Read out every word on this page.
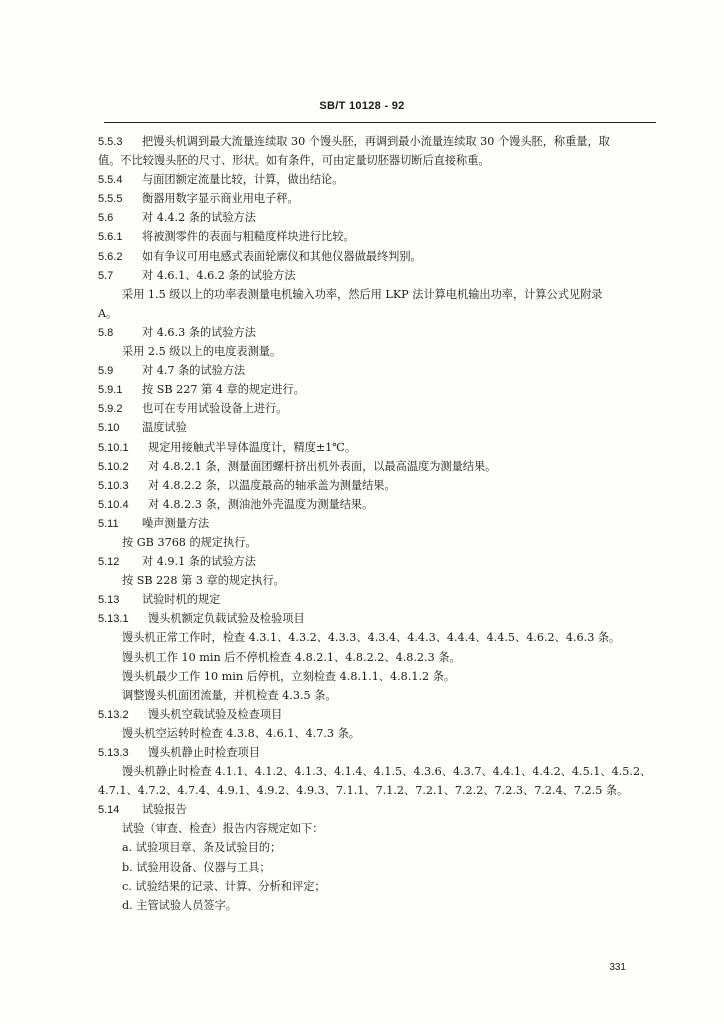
SB/T 10128 - 92
5.5.3 把馒头机调到最大流量连续取 30 个馒头胚，再调到最小流量连续取 30 个馒头胚，称重量，取
值。不比较馒头胚的尺寸、形状。如有条件，可由定量切胚器切断后直接称重。
5.5.4 与面团额定流量比较，计算，做出结论。
5.5.5 衡器用数字显示商业用电子秤。
5.6	对 4.4.2 条的试验方法
5.6.1 将被测零件的表面与粗糙度样块进行比较。
5.6.2 如有争议可用电感式表面轮廓仪和其他仪器做最终判别。
5.7	对 4.6.1、4.6.2 条的试验方法
采用 1.5 级以上的功率表测量电机输入功率，然后用 LKP 法计算电机输出功率，计算公式见附录
A。
5.8	对 4.6.3 条的试验方法
采用 2.5 级以上的电度表测量。
5.9	对 4.7 条的试验方法
5.9.1 按 SB 227 第 4 章的规定进行。
5.9.2 也可在专用试验设备上进行。
5.10 温度试验
5.10.1 规定用接触式半导体温度计，精度±1℃。
5.10.2 对 4.8.2.1 条，测量面团螺杆挤出机外表面，以最高温度为测量结果。
5.10.3 对 4.8.2.2 条，以温度最高的轴承盖为测量结果。
5.10.4 对 4.8.2.3 条，测油池外壳温度为测量结果。
5.11 噪声测量方法
按 GB 3768 的规定执行。
5.12 对 4.9.1 条的试验方法
按 SB 228 第 3 章的规定执行。
5.13 试验时机的规定
5.13.1 馒头机额定负载试验及检验项目
馒头机正常工作时，检查 4.3.1、4.3.2、4.3.3、4.3.4、4.4.3、4.4.4、4.4.5、4.6.2、4.6.3 条。
馒头机工作 10 min 后不停机检查 4.8.2.1、4.8.2.2、4.8.2.3 条。
馒头机最少工作 10 min 后停机，立刻检查 4.8.1.1、4.8.1.2 条。
调整馒头机面团流量，并机检查 4.3.5 条。
5.13.2 馒头机空载试验及检查项目
馒头机空运转时检查 4.3.8、4.6.1、4.7.3 条。
5.13.3 馒头机静止时检查项目
馒头机静止时检查 4.1.1、4.1.2、4.1.3、4.1.4、4.1.5、4.3.6、4.3.7、4.4.1、4.4.2、4.5.1、4.5.2、
4.7.1、4.7.2、4.7.4、4.9.1、4.9.2、4.9.3、7.1.1、7.1.2、7.2.1、7.2.2、7.2.3、7.2.4、7.2.5 条。
5.14 试验报告
试验（审查、检查）报告内容规定如下：
a. 试验项目章、条及试验目的；
b. 试验用设备、仪器与工具；
c. 试验结果的记录、计算、分析和评定；
d. 主管试验人员签字。
331
